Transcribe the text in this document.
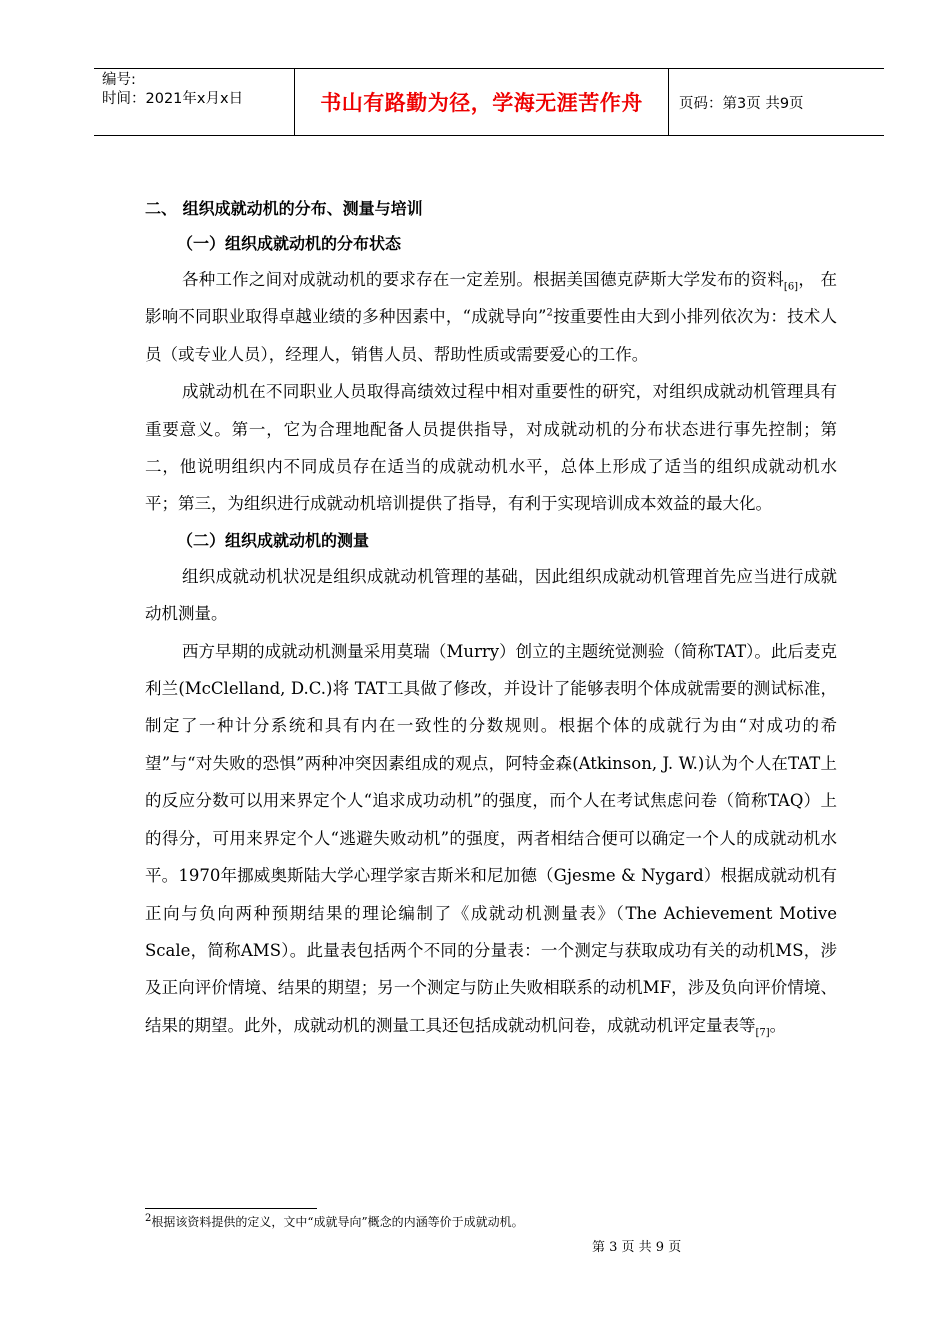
编号:
时间：2021年x月x日	书山有路勤为径，学海无涯苦作舟	页码：第3页 共9页
二、 组织成就动机的分布、测量与培训
（一）组织成就动机的分布状态

各种工作之间对成就动机的要求存在一定差别。根据美国德克萨斯大学发布的资料$_{[6]}$， 在影响不同职业取得卓越业绩的多种因素中，“成就导向”$^2$按重要性由大到小排列依次为：技术人员（或专业人员），经理人，销售人员、帮助性质或需要爱心的工作。

成就动机在不同职业人员取得高绩效过程中相对重要性的研究，对组织成就动机管理具有重要意义。第一，它为合理地配备人员提供指导，对成就动机的分布状态进行事先控制；第二，他说明组织内不同成员存在适当的成就动机水平，总体上形成了适当的组织成就动机水平；第三，为组织进行成就动机培训提供了指导，有利于实现培训成本效益的最大化。

（二）组织成就动机的测量

组织成就动机状况是组织成就动机管理的基础，因此组织成就动机管理首先应当进行成就动机测量。

西方早期的成就动机测量采用莫瑞（Murry）创立的主题统觉测验（简称TAT）。此后麦克利兰(McClelland, D.C.)将 TAT工具做了修改，并设计了能够表明个体成就需要的测试标准，制定了一种计分系统和具有内在一致性的分数规则。根据个体的成就行为由“对成功的希望”与“对失败的恐惧”两种冲突因素组成的观点，阿特金森(Atkinson, J. W.)认为个人在TAT上的反应分数可以用来界定个人“追求成功动机”的强度，而个人在考试焦虑问卷（简称TAQ）上的得分，可用来界定个人“逃避失败动机”的强度，两者相结合便可以确定一个人的成就动机水平。1970年挪威奥斯陆大学心理学家吉斯米和尼加德（Gjesme & Nygard）根据成就动机有正向与负向两种预期结果的理论编制了《成就动机测量表》（The Achievement Motive Scale，简称AMS）。此量表包括两个不同的分量表：一个测定与获取成功有关的动机MS，涉及正向评价情境、结果的期望；另一个测定与防止失败相联系的动机MF，涉及负向评价情境、结果的期望。此外，成就动机的测量工具还包括成就动机问卷，成就动机评定量表等$_{[7]}$。

$^2$根据该资料提供的定义，文中“成就导向”概念的内涵等价于成就动机。
第 3 页 共 9 页
